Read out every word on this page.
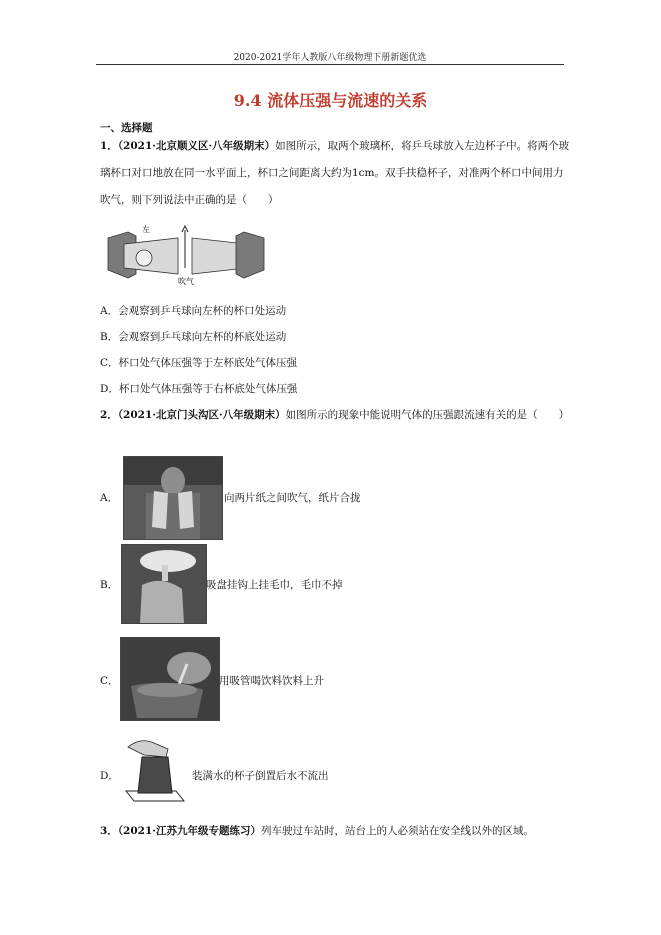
2020-2021学年人教版八年级物理下册新题优选
9.4 流体压强与流速的关系
一、选择题
1．（2021·北京顺义区·八年级期末）如图所示，取两个玻璃杯，将乒乓球放入左边杯子中。将两个玻璃杯口对口地放在同一水平面上，杯口之间距离大约为1cm。双手扶稳杯子，对准两个杯口中间用力吹气，则下列说法中正确的是（　　）
左
吹气
A．会观察到乒乓球向左杯的杯口处运动
B．会观察到乒乓球向左杯的杯底处运动
C．杯口处气体压强等于左杯底处气体压强
D．杯口处气体压强等于右杯底处气体压强
2．（2021·北京门头沟区·八年级期末）如图所示的现象中能说明气体的压强跟流速有关的是（　　）
A．	向两片纸之间吹气，纸片合拢
B．	吸盘挂钩上挂毛巾，毛巾不掉
C．	用吸管喝饮料饮料上升
D．	装满水的杯子倒置后水不流出
3．（2021·江苏九年级专题练习）列车驶过车站时，站台上的人必须站在安全线以外的区域。
